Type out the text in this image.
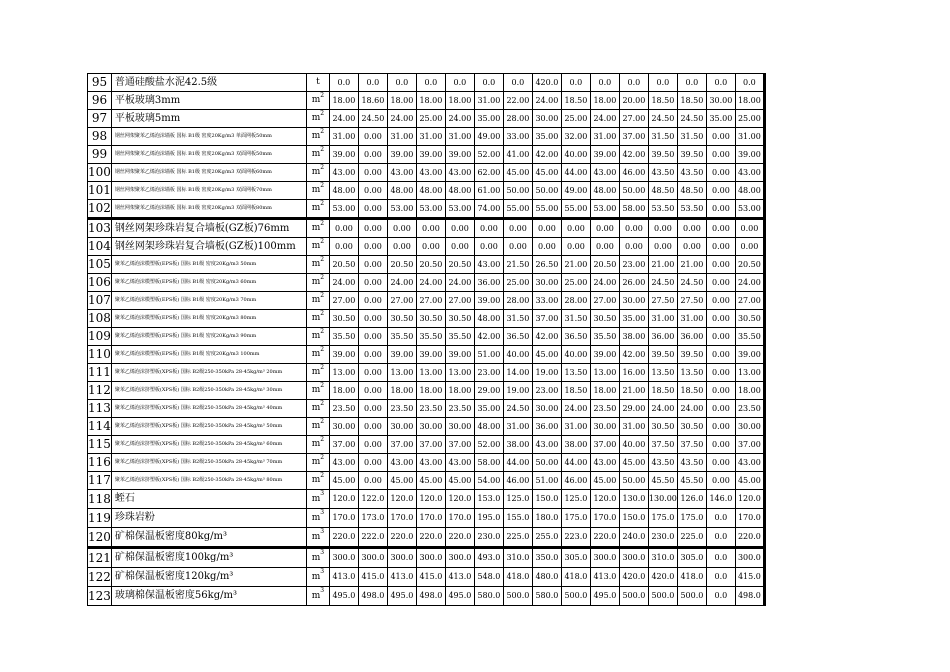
95	普通硅酸盐水泥42.5级	t	0.0	0.0	0.0	0.0	0.0	0.0	0.0	420.0	0.0	0.0	0.0	0.0	0.0	0.0	0.0
96	平板玻璃3mm	$m^2$	18.00	18.60	18.00	18.00	18.00	31.00	22.00	24.00	18.50	18.00	20.00	18.50	18.50	30.00	18.00
97	平板玻璃5mm	$m^2$	24.00	24.50	24.00	25.00	24.00	35.00	28.00	30.00	25.00	24.00	27.00	24.50	24.50	35.00	25.00
98	钢丝网架聚苯乙烯泡沫墙板 国标 B1级 密度20Kg/m3 单面网板50mm	$m^2$	31.00	0.00	31.00	31.00	31.00	49.00	33.00	35.00	32.00	31.00	37.00	31.50	31.50	0.00	31.00
99	钢丝网架聚苯乙烯泡沫墙板 国标 B1级 密度20Kg/m3 双面网板50mm	$m^2$	39.00	0.00	39.00	39.00	39.00	52.00	41.00	42.00	40.00	39.00	42.00	39.50	39.50	0.00	39.00
100	钢丝网架聚苯乙烯泡沫墙板 国标 B1级 密度20Kg/m3 双面网板60mm	$m^2$	43.00	0.00	43.00	43.00	43.00	62.00	45.00	45.00	44.00	43.00	46.00	43.50	43.50	0.00	43.00
101	钢丝网架聚苯乙烯泡沫墙板 国标 B1级 密度20Kg/m3 双面网板70mm	$m^2$	48.00	0.00	48.00	48.00	48.00	61.00	50.00	50.00	49.00	48.00	50.00	48.50	48.50	0.00	48.00
102	钢丝网架聚苯乙烯泡沫墙板 国标 B1级 密度20Kg/m3 双面网板80mm	$m^2$	53.00	0.00	53.00	53.00	53.00	74.00	55.00	55.00	55.00	53.00	58.00	53.50	53.50	0.00	53.00
103	钢丝网架珍珠岩复合墙板(GZ板)76mm	$m^2$	0.00	0.00	0.00	0.00	0.00	0.00	0.00	0.00	0.00	0.00	0.00	0.00	0.00	0.00	0.00
104	钢丝网架珍珠岩复合墙板(GZ板)100mm	$m^2$	0.00	0.00	0.00	0.00	0.00	0.00	0.00	0.00	0.00	0.00	0.00	0.00	0.00	0.00	0.00
105	聚苯乙烯泡沫模塑板(EPS板) 国标 B1级 密度20Kg/m3 50mm	$m^2$	20.50	0.00	20.50	20.50	20.50	43.00	21.50	26.50	21.00	20.50	23.00	21.00	21.00	0.00	20.50
106	聚苯乙烯泡沫模塑板(EPS板) 国标 B1级 密度20Kg/m3 60mm	$m^2$	24.00	0.00	24.00	24.00	24.00	36.00	25.00	30.00	25.00	24.00	26.00	24.50	24.50	0.00	24.00
107	聚苯乙烯泡沫模塑板(EPS板) 国标 B1级 密度20Kg/m3 70mm	$m^2$	27.00	0.00	27.00	27.00	27.00	39.00	28.00	33.00	28.00	27.00	30.00	27.50	27.50	0.00	27.00
108	聚苯乙烯泡沫模塑板(EPS板) 国标 B1级 密度20Kg/m3 80mm	$m^2$	30.50	0.00	30.50	30.50	30.50	48.00	31.50	37.00	31.50	30.50	35.00	31.00	31.00	0.00	30.50
109	聚苯乙烯泡沫模塑板(EPS板) 国标 B1级 密度20Kg/m3 90mm	$m^2$	35.50	0.00	35.50	35.50	35.50	42.00	36.50	42.00	36.50	35.50	38.00	36.00	36.00	0.00	35.50
110	聚苯乙烯泡沫模塑板(EPS板) 国标 B1级 密度20Kg/m3 100mm	$m^2$	39.00	0.00	39.00	39.00	39.00	51.00	40.00	45.00	40.00	39.00	42.00	39.50	39.50	0.00	39.00
111	聚苯乙烯泡沫挤塑板(XPS板) 国标 B2级250-350kPa 28-45kg/m³ 20mm	$m^2$	13.00	0.00	13.00	13.00	13.00	23.00	14.00	19.00	13.50	13.00	16.00	13.50	13.50	0.00	13.00
112	聚苯乙烯泡沫挤塑板(XPS板) 国标 B2级250-350kPa 28-45kg/m³ 30mm	$m^2$	18.00	0.00	18.00	18.00	18.00	29.00	19.00	23.00	18.50	18.00	21.00	18.50	18.50	0.00	18.00
113	聚苯乙烯泡沫挤塑板(XPS板) 国标 B2级250-350kPa 28-45kg/m³ 40mm	$m^2$	23.50	0.00	23.50	23.50	23.50	35.00	24.50	30.00	24.00	23.50	29.00	24.00	24.00	0.00	23.50
114	聚苯乙烯泡沫挤塑板(XPS板) 国标 B2级250-350kPa 28-45kg/m³ 50mm	$m^2$	30.00	0.00	30.00	30.00	30.00	48.00	31.00	36.00	31.00	30.00	31.00	30.50	30.50	0.00	30.00
115	聚苯乙烯泡沫挤塑板(XPS板) 国标 B2级250-350kPa 28-45kg/m³ 60mm	$m^2$	37.00	0.00	37.00	37.00	37.00	52.00	38.00	43.00	38.00	37.00	40.00	37.50	37.50	0.00	37.00
116	聚苯乙烯泡沫挤塑板(XPS板) 国标 B2级250-350kPa 28-45kg/m³ 70mm	$m^2$	43.00	0.00	43.00	43.00	43.00	58.00	44.00	50.00	44.00	43.00	45.00	43.50	43.50	0.00	43.00
117	聚苯乙烯泡沫挤塑板(XPS板) 国标 B2级250-350kPa 28-45kg/m³ 80mm	$m^2$	45.00	0.00	45.00	45.00	45.00	54.00	46.00	51.00	46.00	45.00	50.00	45.50	45.50	0.00	45.00
118	蛭石	$m^3$	120.0	122.0	120.0	120.0	120.0	153.0	125.0	150.0	125.0	120.0	130.0	130.00	126.0	146.0	120.0
119	珍珠岩粉	$m^3$	170.0	173.0	170.0	170.0	170.0	195.0	155.0	180.0	175.0	170.0	150.0	175.0	175.0	0.0	170.0
120	矿棉保温板密度80kg/m³	$m^3$	220.0	222.0	220.0	220.0	220.0	230.0	225.0	255.0	223.0	220.0	240.0	230.0	225.0	0.0	220.0
121	矿棉保温板密度100kg/m³	$m^3$	300.0	300.0	300.0	300.0	300.0	493.0	310.0	350.0	305.0	300.0	300.0	310.0	305.0	0.0	300.0
122	矿棉保温板密度120kg/m³	$m^3$	413.0	415.0	413.0	415.0	413.0	548.0	418.0	480.0	418.0	413.0	420.0	420.0	418.0	0.0	415.0
123	玻璃棉保温板密度56kg/m³	$m^3$	495.0	498.0	495.0	498.0	495.0	580.0	500.0	580.0	500.0	495.0	500.0	500.0	500.0	0.0	498.0
